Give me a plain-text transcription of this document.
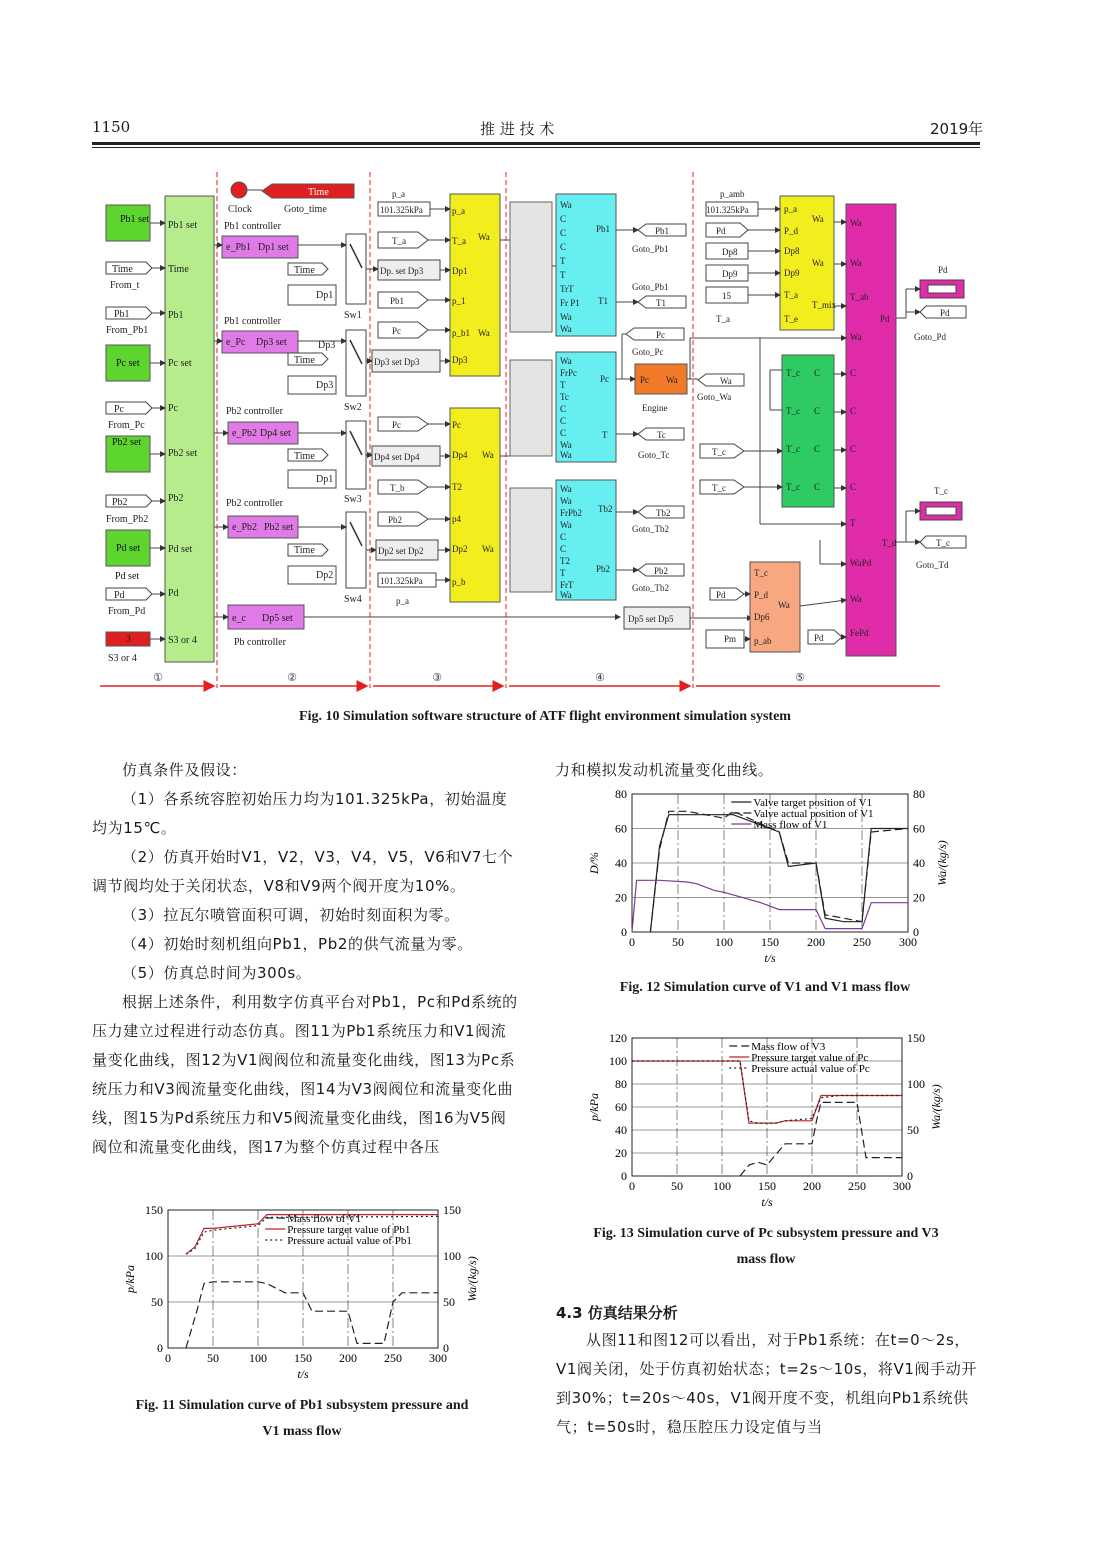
1150	推 进 技 术	2019年
①	②	③	④	⑤
Pb1 set
Time
Pb1
Pc set
Pc
Pb2 set
Pb2
Pd set
Pd
S3 or 4
Pb1 set
Pc set
Pb2 set
Pd set
Pd set
Time
From_t
Pb1
From_Pb1
Pc
From_Pc
Pb2
From_Pb2
Pd
From_Pd
3
S3 or 4
Clock
Time
Goto_time
Pb1 controller
e_Pb1 Dp1 set
Pb1 controller
e_Pc Dp3 set
Pb2 controller
e_Pb2 Dp4 set
Pb2 controller
e_Pb2 Pb2 set
e_c Dp5 set
Pb controller
Sw1
Sw2
Sw3
Sw4
Time
Dp1
Dp3
Time
Dp3
Time
Dp1
Time
Dp2
p_a
101.325kPa
T_a
Dp. set Dp3
Pb1
Pc
Dp3 set Dp3
Pc
Dp4 set Dp4
T_b
Pb2
Dp2 set Dp2
101.325kPa
p_a
p_a
T_a
Dp1
p_1
p_b1
Dp3
Wa
Wa
Pc
Dp4
T2
p4
Dp2
p_b
Wa
Wa
Wa
C
C
C
T
T
TrT
Fr P1
Wa
Wa
Pb1
T1
Wa
FrPc
T
Tc
C
C
C
Wa
Wa
Pc
T
Wa
Wa
FrPb2
Wa
C
C
T2
T
FrT
Wa
Tb2
Pb2
Pb1
Goto_Pb1
T1
Goto_Pb1
Pc
Goto_Pc
Pc Wa
Engine
Wa
Goto_Wa
Tc
Goto_Tc
Tb2
Goto_Tb2
Pb2
Goto_Tb2
Dp5 set Dp5
p_amb
101.325kPa
Pd
Dp8
Dp9
15
T_a
p_a
P_d
Dp8
Dp9
T_a
T_e
Wa
Wa
T_mix
T_c
T_c
T_c
T_c
C
C
C
C
T_c
T_c
T_c
P_d
Dp6
p_ab
Wa
Pd
Pm	Pd
Wa
Wa
T_ab
Wa
C
C
C
C
T
WaPd
Wa
FePd
Pd
T_d
Pd
Pd
Goto_Pd
T_c
T_c
Goto_Td
Fig. 10 Simulation software structure of ATF flight environment simulation system

仿真条件及假设：

（1）各系统容腔初始压力均为101.325kPa，初始温度均为15℃。

（2）仿真开始时V1，V2，V3，V4，V5，V6和V7七个调节阀均处于关闭状态，V8和V9两个阀开度为10%。

（3）拉瓦尔喷管面积可调，初始时刻面积为零。

（4）初始时刻机组向Pb1，Pb2的供气流量为零。

（5）仿真总时间为300s。

根据上述条件，利用数字仿真平台对Pb1，Pc和Pd系统的压力建立过程进行动态仿真。图11为Pb1系统压力和V1阀流量变化曲线，图12为V1阀阀位和流量变化曲线，图13为Pc系统压力和V3阀流量变化曲线，图14为V3阀阀位和流量变化曲线，图15为Pd系统压力和V5阀流量变化曲线，图16为V5阀阀位和流量变化曲线，图17为整个仿真过程中各压

力和模拟发动机流量变化曲线。
0	50	100 150 200 250 300
0
20
40
60
80
0
20
40
60
80
t/s
D/%	Wa/(kg/s)
Valve target position of V1
Valve actual position of V1
Mass flow of V1
Fig. 12 Simulation curve of V1 and V1 mass flow
0	50	100 150 200 250 300
0
20
40
60
80
100
120
0
50
100
150
t/s
p/kPa	Wa/(kg/s)
Mass flow of V3
Pressure target value of Pc
Pressure actual value of Pc
Fig. 13 Simulation curve of Pc subsystem pressure and V3
mass flow
4.3 仿真结果分析

从图11和图12可以看出，对于Pb1系统：在t=0～2s，V1阀关闭，处于仿真初始状态；t=2s～10s，将V1阀手动开到30%；t=20s～40s，V1阀开度不变，机组向Pb1系统供气；t=50s时，稳压腔压力设定值与当

0	50	100 150 200 250 300
0
50
100
150
0
50
100
150
t/s
p/kPa	Wa/(kg/s)
Mass flow of V1
Pressure target value of Pb1
Pressure actual value of Pb1
Fig. 11 Simulation curve of Pb1 subsystem pressure and
V1 mass flow
